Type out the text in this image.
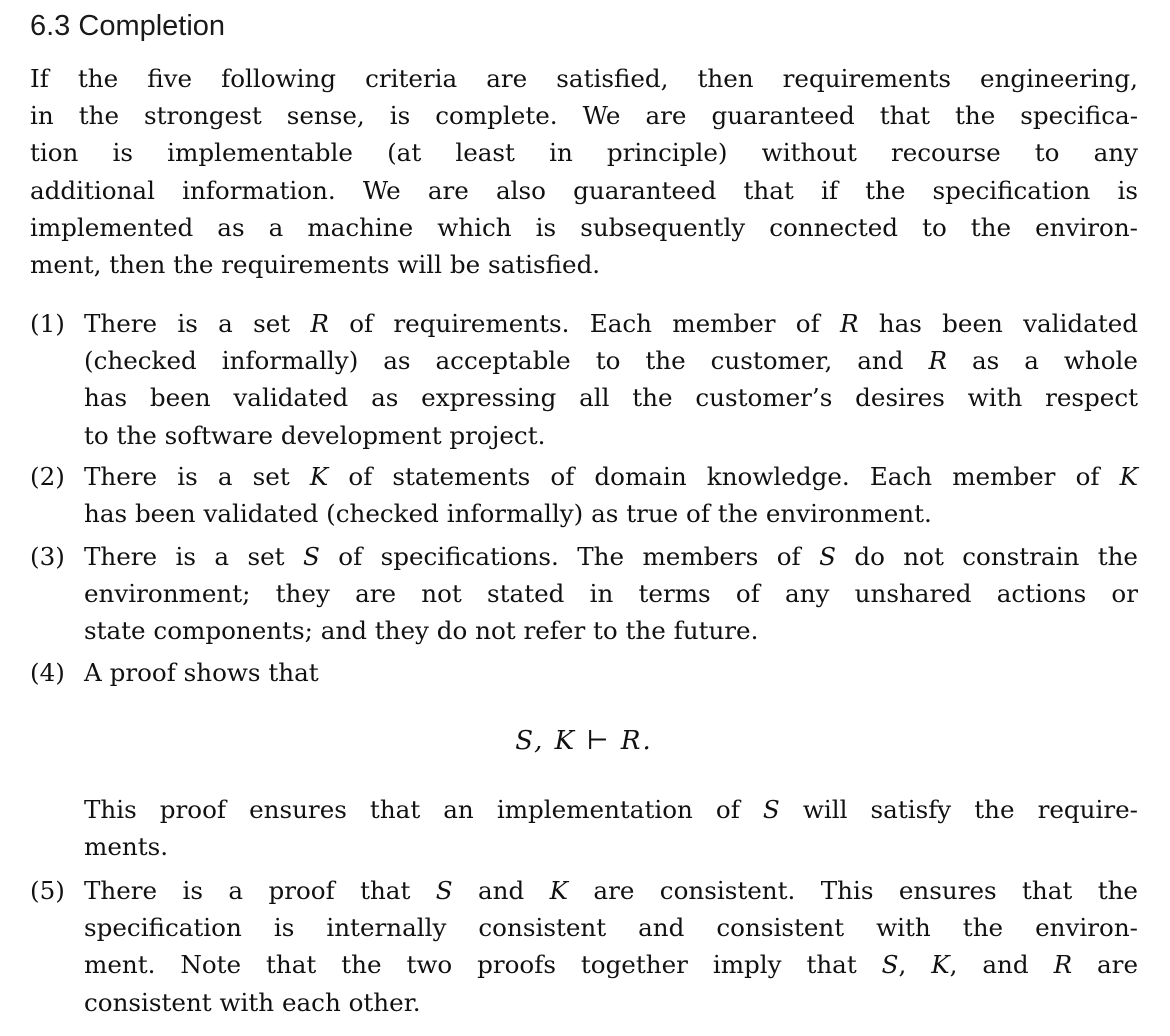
6.3 Completion
If the five following criteria are satisfied, then requirements engineering,
in the strongest sense, is complete. We are guaranteed that the specifica-
tion is implementable (at least in principle) without recourse to any
additional information. We are also guaranteed that if the specification is
implemented as a machine which is subsequently connected to the environ-
ment, then the requirements will be satisfied.
(1) There is a set R of requirements. Each member of R has been validated
(checked informally) as acceptable to the customer, and R as a whole
has been validated as expressing all the customer’s desires with respect
to the software development project.
(2) There is a set K of statements of domain knowledge. Each member of K
has been validated (checked informally) as true of the environment.
(3) There is a set S of specifications. The members of S do not constrain the
environment; they are not stated in terms of any unshared actions or
state components; and they do not refer to the future.
(4) A proof shows that
S, K ⊢ R.
This proof ensures that an implementation of S will satisfy the require-
ments.
(5) There is a proof that S and K are consistent. This ensures that the
specification is internally consistent and consistent with the environ-
ment. Note that the two proofs together imply that S, K, and R are
consistent with each other.
